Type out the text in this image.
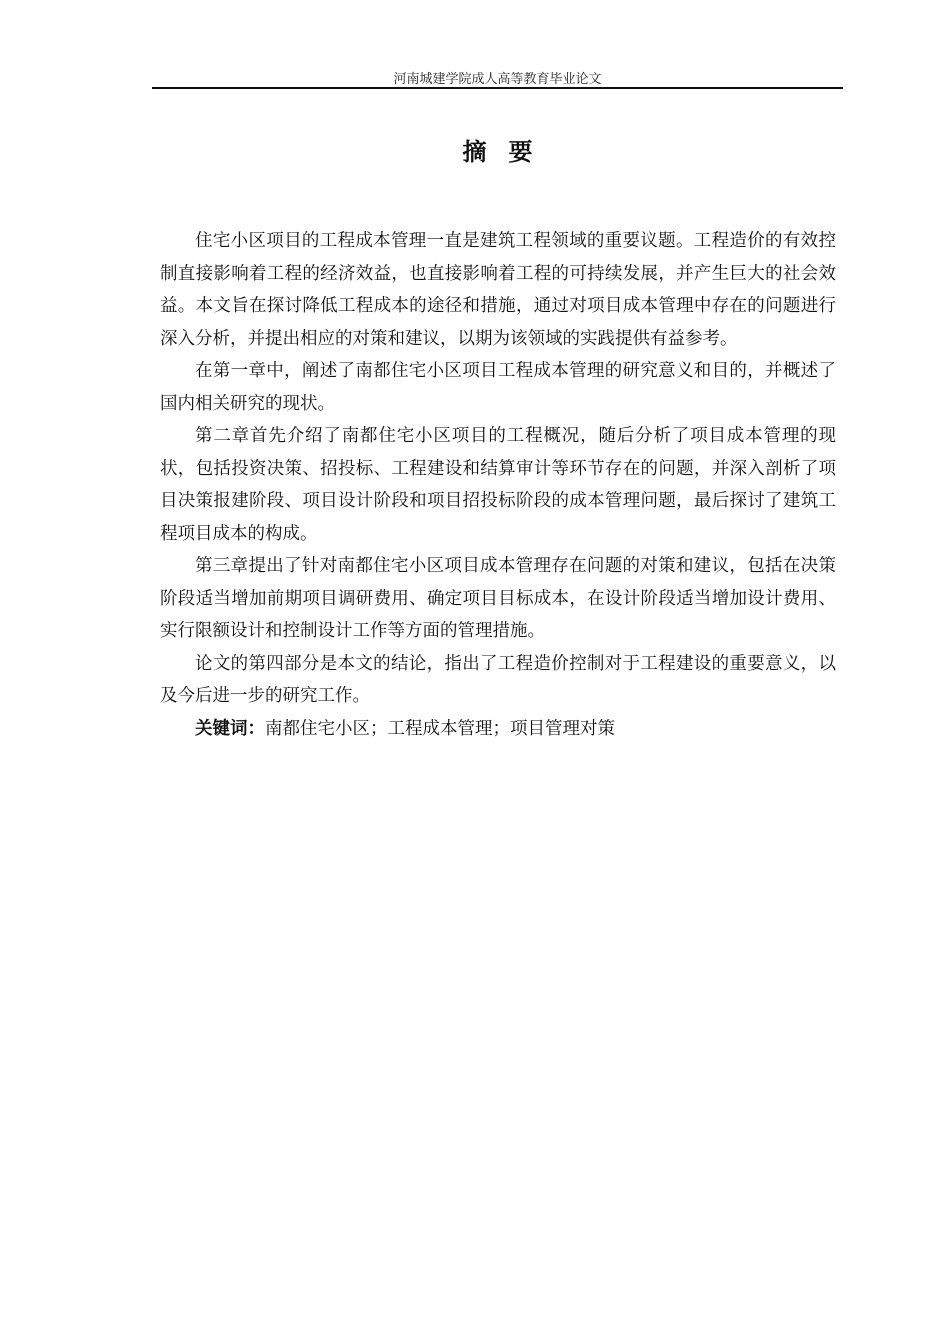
河南城建学院成人高等教育毕业论文
摘要

住宅小区项目的工程成本管理一直是建筑工程领域的重要议题。工程造价的有效控制直接影响着工程的经济效益，也直接影响着工程的可持续发展，并产生巨大的社会效益。本文旨在探讨降低工程成本的途径和措施，通过对项目成本管理中存在的问题进行深入分析，并提出相应的对策和建议，以期为该领域的实践提供有益参考。

在第一章中，阐述了南都住宅小区项目工程成本管理的研究意义和目的，并概述了国内相关研究的现状。

第二章首先介绍了南都住宅小区项目的工程概况，随后分析了项目成本管理的现状，包括投资决策、招投标、工程建设和结算审计等环节存在的问题，并深入剖析了项目决策报建阶段、项目设计阶段和项目招投标阶段的成本管理问题，最后探讨了建筑工程项目成本的构成。

第三章提出了针对南都住宅小区项目成本管理存在问题的对策和建议，包括在决策阶段适当增加前期项目调研费用、确定项目目标成本，在设计阶段适当增加设计费用、实行限额设计和控制设计工作等方面的管理措施。

论文的第四部分是本文的结论，指出了工程造价控制对于工程建设的重要意义，以及今后进一步的研究工作。

关键词：南都住宅小区；工程成本管理；项目管理对策
